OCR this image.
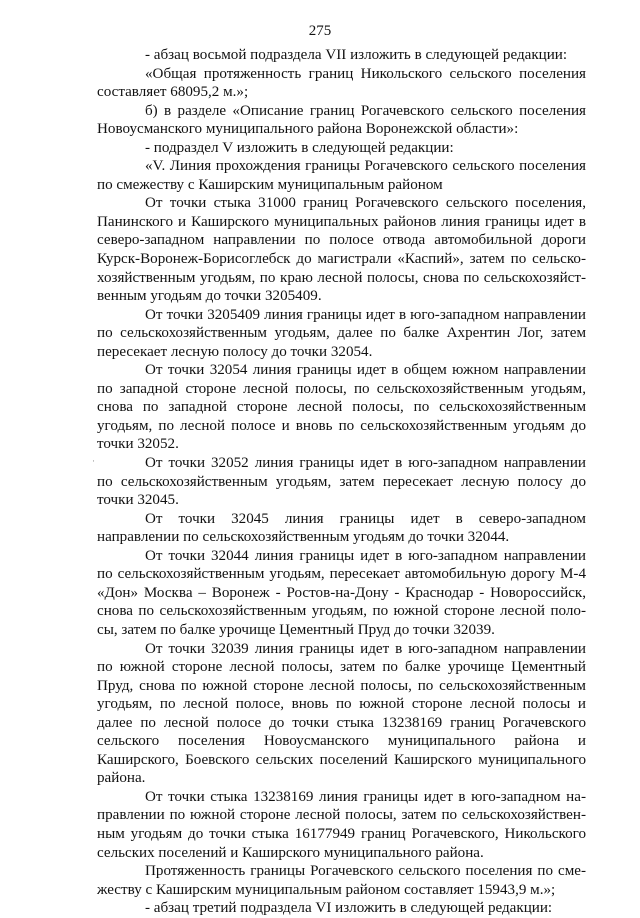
275
·

- абзац восьмой подраздела VII изложить в следующей редакции:

«Общая протяженность границ Никольского сельского поселения составляет 68095,2 м.»;

б) в разделе «Описание границ Рогачевского сельского поселения Новоусманского муниципального района Воронежской области»:

- подраздел V изложить в следующей редакции:

«V. Линия прохождения границы Рогачевского сельского поселения по смежеству с Каширским муниципальным районом

От точки стыка 31000 границ Рогачевского сельского поселения, Панинского и Каширского муниципальных районов линия границы идет в северо-западном направлении по полосе отвода автомобильной дороги Курск-Воронеж-Борисоглебск до магистрали «Каспий», затем по сельскохозяйственным угодьям, по краю лесной полосы, снова по сельскохозяйственным угодьям до точки 3205409.

От точки 3205409 линия границы идет в юго-западном направлении по сельскохозяйственным угодьям, далее по балке Ахрентин Лог, затем пересекает лесную полосу до точки 32054.

От точки 32054 линия границы идет в общем южном направлении по западной стороне лесной полосы, по сельскохозяйственным угодьям, снова по западной стороне лесной полосы, по сельскохозяйственным угодьям, по лесной полосе и вновь по сельскохозяйственным угодьям до точки 32052.

От точки 32052 линия границы идет в юго-западном направлении по сельскохозяйственным угодьям, затем пересекает лесную полосу до точки 32045.

От точки 32045 линия границы идет в северо-западном направлении по сельскохозяйственным угодьям до точки 32044.

От точки 32044 линия границы идет в юго-западном направлении по сельскохозяйственным угодьям, пересекает автомобильную дорогу М-4 «Дон» Москва – Воронеж - Ростов-на-Дону - Краснодар - Новороссийск, снова по сельскохозяйственным угодьям, по южной стороне лесной полосы, затем по балке урочище Цементный Пруд до точки 32039.

От точки 32039 линия границы идет в юго-западном направлении по южной стороне лесной полосы, затем по балке урочище Цементный Пруд, снова по южной стороне лесной полосы, по сельскохозяйственным угодьям, по лесной полосе, вновь по южной стороне лесной полосы и далее по лесной полосе до точки стыка 13238169 границ Рогачевского сельского поселения Новоусманского муниципального района и Каширского, Боевского сельских поселений Каширского муниципального района.

От точки стыка 13238169 линия границы идет в юго-западном направлении по южной стороне лесной полосы, затем по сельскохозяйственным угодьям до точки стыка 16177949 границ Рогачевского, Никольского сельских поселений и Каширского муниципального района.

Протяженность границы Рогачевского сельского поселения по смежеству с Каширским муниципальным районом составляет 15943,9 м.»;

- абзац третий подраздела VI изложить в следующей редакции:
